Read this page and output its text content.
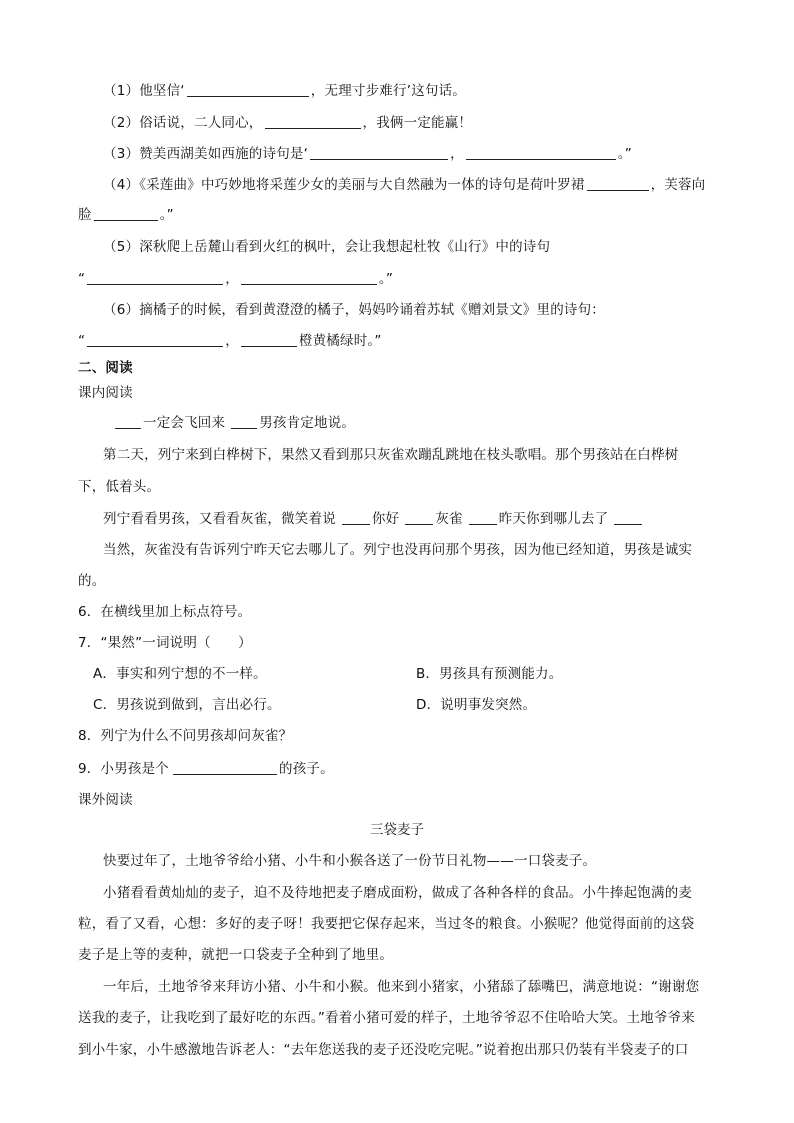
（1）他坚信‘	，无理寸步难行’这句话。
（2）俗话说，二人同心，	，我俩一定能赢！
（3）赞美西湖美如西施的诗句是‘	，	。”
（4）《采莲曲》中巧妙地将采莲少女的美丽与大自然融为一体的诗句是荷叶罗裙	，芙蓉向
脸	。”
（5）深秋爬上岳麓山看到火红的枫叶，会让我想起杜牧《山行》中的诗句
“	，	。”
（6）摘橘子的时候，看到黄澄澄的橘子，妈妈吟诵着苏轼《赠刘景文》里的诗句：
“	，	橙黄橘绿时。”
二、阅读
课内阅读
一定会飞回来	男孩肯定地说。
第二天，列宁来到白桦树下，果然又看到那只灰雀欢蹦乱跳地在枝头歌唱。那个男孩站在白桦树
下，低着头。
列宁看看男孩，又看看灰雀，微笑着说	你好	灰雀	昨天你到哪儿去了
当然，灰雀没有告诉列宁昨天它去哪儿了。列宁也没再问那个男孩，因为他已经知道，男孩是诚实
的。
6．在横线里加上标点符号。
7．“果然”一词说明（　　）
A．事实和列宁想的不一样。	B．男孩具有预测能力。
C．男孩说到做到，言出必行。	D．说明事发突然。
8．列宁为什么不问男孩却问灰雀？
9．小男孩是个	的孩子。
课外阅读
三袋麦子
快要过年了，土地爷爷给小猪、小牛和小猴各送了一份节日礼物——一口袋麦子。
小猪看看黄灿灿的麦子，迫不及待地把麦子磨成面粉，做成了各种各样的食品。小牛捧起饱满的麦
粒，看了又看，心想：多好的麦子呀！我要把它保存起来，当过冬的粮食。小猴呢？他觉得面前的这袋
麦子是上等的麦种，就把一口袋麦子全种到了地里。
一年后，土地爷爷来拜访小猪、小牛和小猴。他来到小猪家，小猪舔了舔嘴巴，满意地说：“谢谢您
送我的麦子，让我吃到了最好吃的东西。”看着小猪可爱的样子，土地爷爷忍不住哈哈大笑。土地爷爷来
到小牛家，小牛感激地告诉老人：“去年您送我的麦子还没吃完呢。”说着抱出那只仍装有半袋麦子的口
